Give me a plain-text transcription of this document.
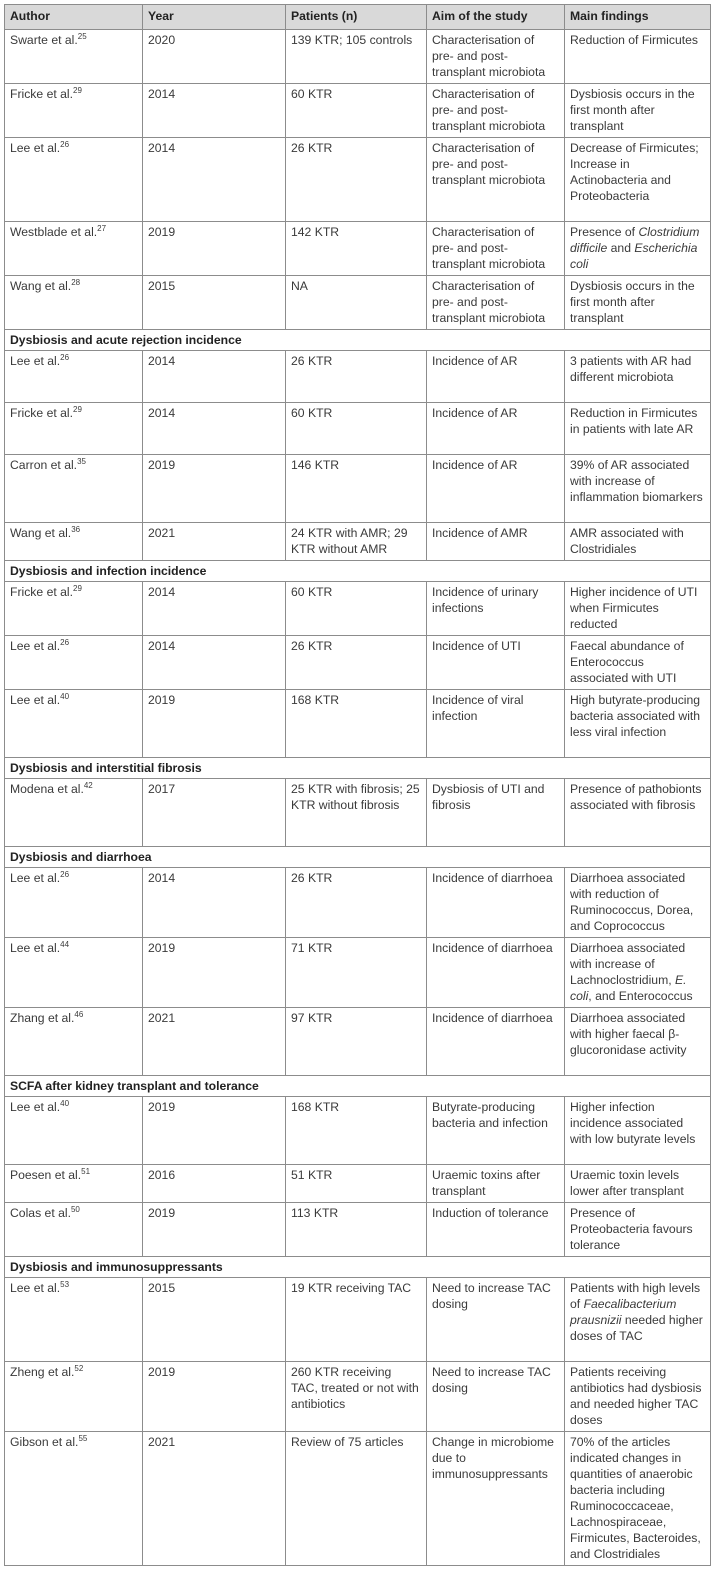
Author	Year	Patients (n)	Aim of the study	Main findings
Swarte et al.$^{25}$	2020	139 KTR; 105 controls	Characterisation of pre- and post-transplant microbiota	Reduction of Firmicutes
Fricke et al.$^{29}$	2014	60 KTR	Characterisation of pre- and post-transplant microbiota	Dysbiosis occurs in the first month after transplant
Lee et al.$^{26}$	2014	26 KTR	Characterisation of pre- and post-transplant microbiota	Decrease of Firmicutes; Increase in Actinobacteria and Proteobacteria
Westblade et al.$^{27}$	2019	142 KTR	Characterisation of pre- and post-transplant microbiota	Presence of Clostridium difficile and Escherichia coli
Wang et al.$^{28}$	2015	NA	Characterisation of pre- and post-transplant microbiota	Dysbiosis occurs in the first month after transplant
Dysbiosis and acute rejection incidence				
Lee et al.$^{26}$	2014	26 KTR	Incidence of AR	3 patients with AR had different microbiota
Fricke et al.$^{29}$	2014	60 KTR	Incidence of AR	Reduction in Firmicutes in patients with late AR
Carron et al.$^{35}$	2019	146 KTR	Incidence of AR	39% of AR associated with increase of inflammation biomarkers
Wang et al.$^{36}$	2021	24 KTR with AMR; 29 KTR without AMR	Incidence of AMR	AMR associated with Clostridiales
Dysbiosis and infection incidence				
Fricke et al.$^{29}$	2014	60 KTR	Incidence of urinary infections	Higher incidence of UTI when Firmicutes reducted
Lee et al.$^{26}$	2014	26 KTR	Incidence of UTI	Faecal abundance of Enterococcus associated with UTI
Lee et al.$^{40}$	2019	168 KTR	Incidence of viral infection	High butyrate-producing bacteria associated with less viral infection
Dysbiosis and interstitial fibrosis				
Modena et al.$^{42}$	2017	25 KTR with fibrosis; 25 KTR without fibrosis	Dysbiosis of UTI and fibrosis	Presence of pathobionts associated with fibrosis
Dysbiosis and diarrhoea				
Lee et al.$^{26}$	2014	26 KTR	Incidence of diarrhoea	Diarrhoea associated with reduction of Ruminococcus, Dorea, and Coprococcus
Lee et al.$^{44}$	2019	71 KTR	Incidence of diarrhoea	Diarrhoea associated with increase of Lachnoclostridium, E. coli, and Enterococcus
Zhang et al.$^{46}$	2021	97 KTR	Incidence of diarrhoea	Diarrhoea associated with higher faecal β-glucoronidase activity
SCFA after kidney transplant and tolerance				
Lee et al.$^{40}$	2019	168 KTR	Butyrate-producing bacteria and infection	Higher infection incidence associated with low butyrate levels
Poesen et al.$^{51}$	2016	51 KTR	Uraemic toxins after transplant	Uraemic toxin levels lower after transplant
Colas et al.$^{50}$	2019	113 KTR	Induction of tolerance	Presence of Proteobacteria favours tolerance
Dysbiosis and immunosuppressants				
Lee et al.$^{53}$	2015	19 KTR receiving TAC	Need to increase TAC dosing	Patients with high levels of Faecalibacterium prausnizii needed higher doses of TAC
Zheng et al.$^{52}$	2019	260 KTR receiving TAC, treated or not with antibiotics	Need to increase TAC dosing	Patients receiving antibiotics had dysbiosis and needed higher TAC doses
Gibson et al.$^{55}$	2021	Review of 75 articles	Change in microbiome due to immunosuppressants	70% of the articles indicated changes in quantities of anaerobic bacteria including Ruminococcaceae, Lachnospiraceae, Firmicutes, Bacteroides, and Clostridiales
